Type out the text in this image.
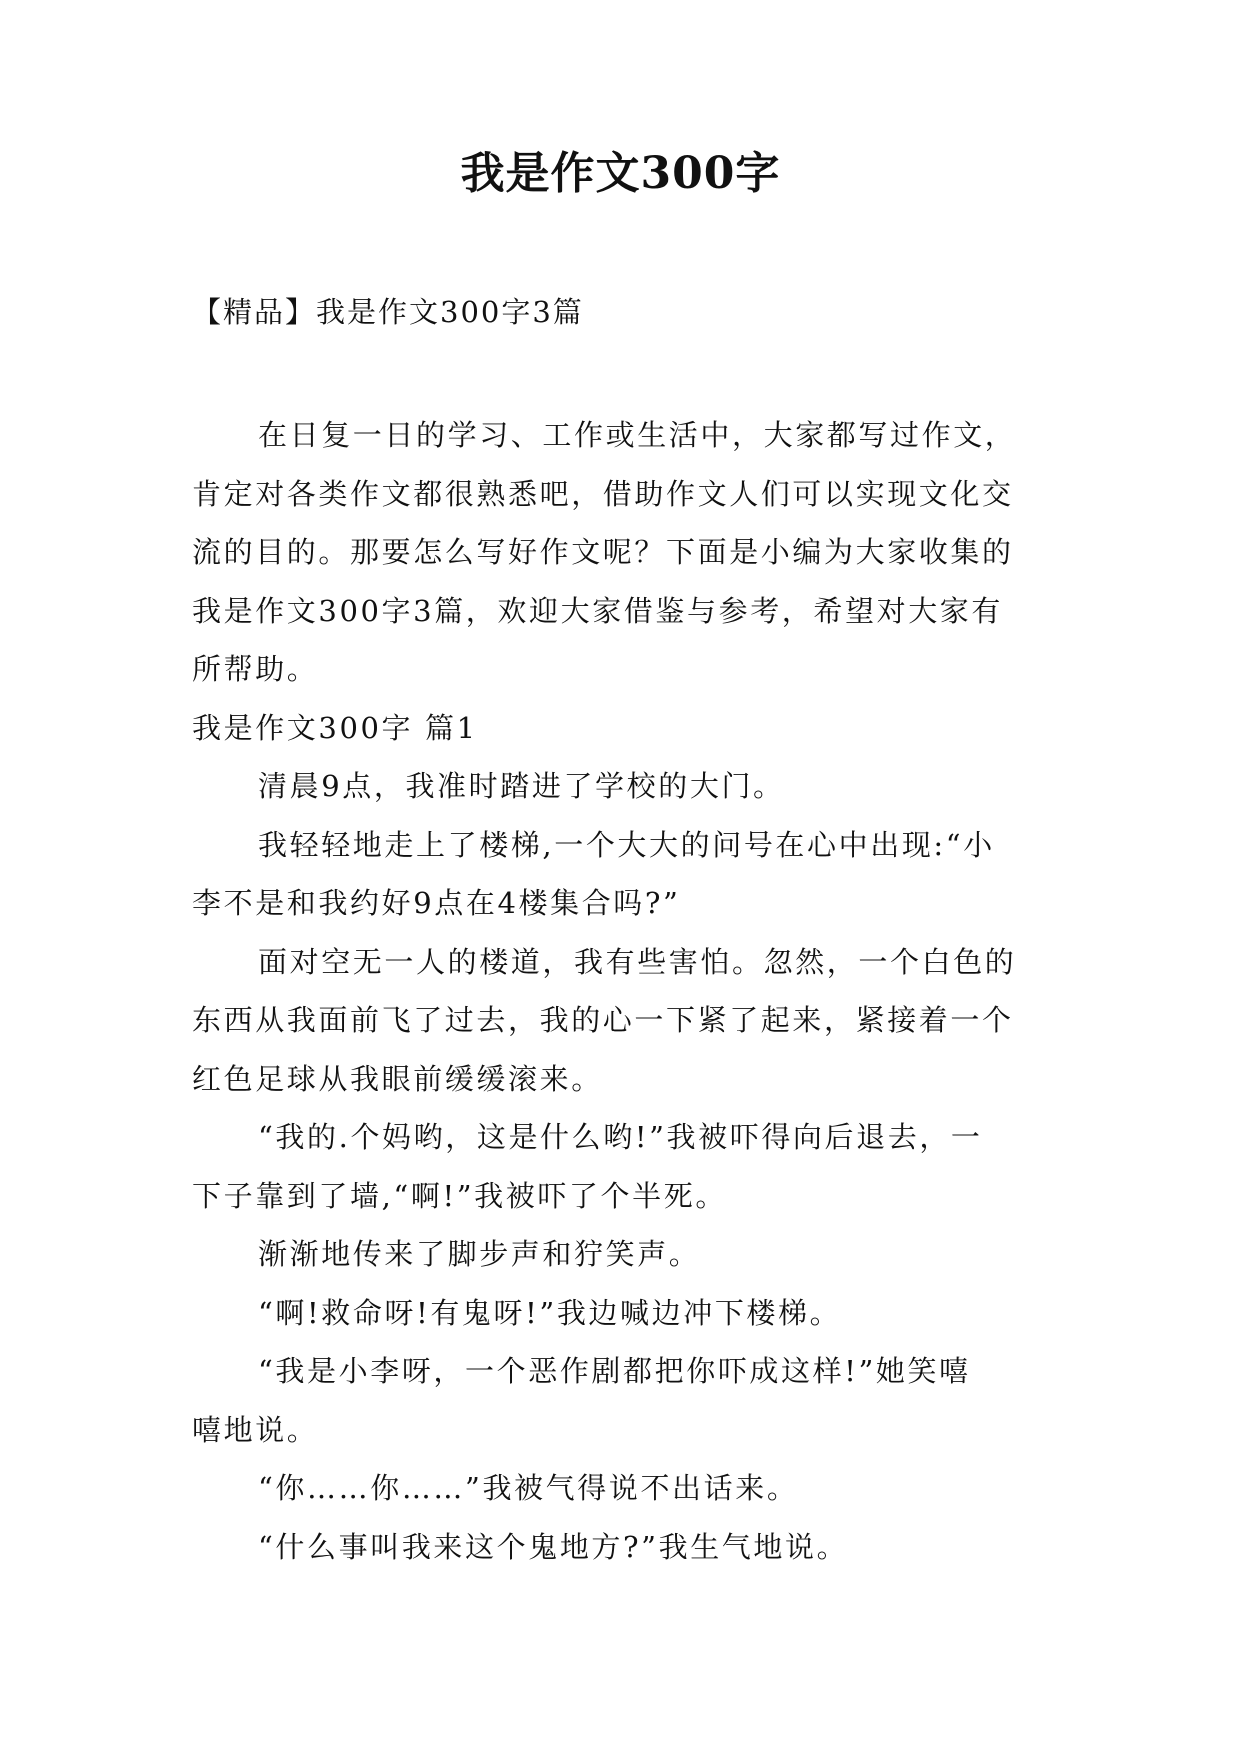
我是作文300字
【精品】我是作文300字3篇
在日复一日的学习、工作或生活中，大家都写过作文，
肯定对各类作文都很熟悉吧，借助作文人们可以实现文化交
流的目的。那要怎么写好作文呢？下面是小编为大家收集的
我是作文300字3篇，欢迎大家借鉴与参考，希望对大家有
所帮助。
我是作文300字 篇1
清晨9点，我准时踏进了学校的大门。
我轻轻地走上了楼梯,一个大大的问号在心中出现:“小
李不是和我约好9点在4楼集合吗?”
面对空无一人的楼道，我有些害怕。忽然，一个白色的
东西从我面前飞了过去，我的心一下紧了起来，紧接着一个
红色足球从我眼前缓缓滚来。
“我的.个妈哟，这是什么哟!”我被吓得向后退去，一
下子靠到了墙,“啊!”我被吓了个半死。
渐渐地传来了脚步声和狞笑声。
“啊!救命呀!有鬼呀!”我边喊边冲下楼梯。
“我是小李呀，一个恶作剧都把你吓成这样!”她笑嘻
嘻地说。
“你……你……”我被气得说不出话来。
“什么事叫我来这个鬼地方?”我生气地说。
